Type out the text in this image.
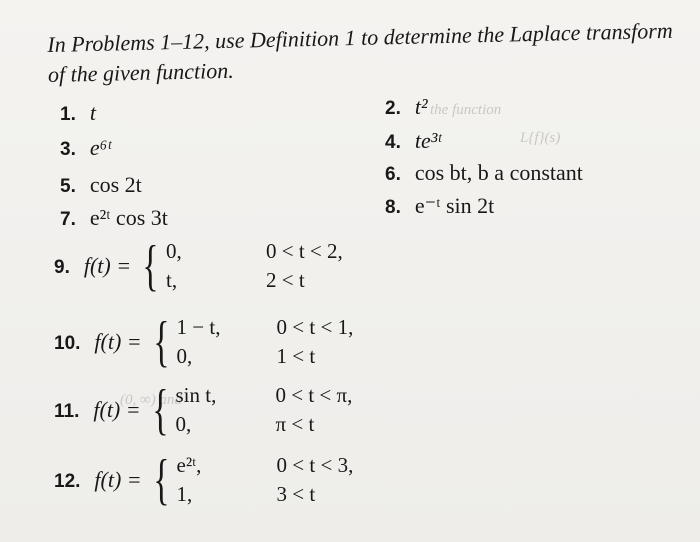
the function
L{f}(s)
(0, ∞) and
In Problems 1–12, use Definition 1 to determine the Laplace transform of the given function.
1. t	2. t²
3. e⁶ᵗ	4. te³ᵗ
5. cos 2t	6. cos bt, b a constant
7. e²ᵗ cos 3t	8. e⁻ᵗ sin 2t
9. f(t) = { 0,	0 < t < 2,
t,	2 < t
10. f(t) = { 1 − t,	0 < t < 1,
0,	1 < t
11. f(t) = { sin t,	0 < t < π,
0,	π < t
12. f(t) = { e²ᵗ,	0 < t < 3,
1,	3 < t
